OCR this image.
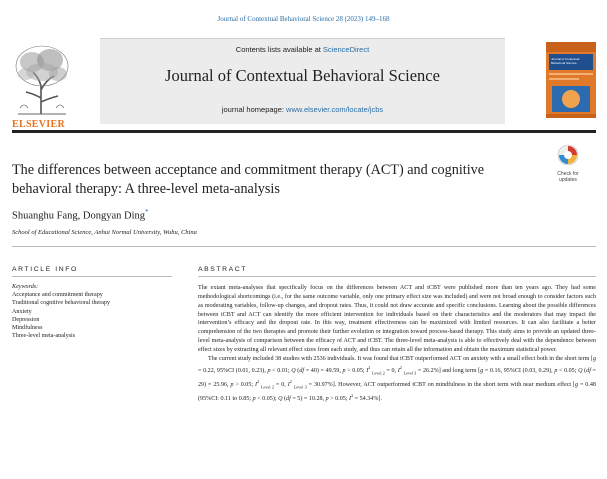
Journal of Contextual Behavioral Science 28 (2023) 149–168
ELSEVIER
Contents lists available at ScienceDirect
Journal of Contextual Behavioral Science
journal homepage: www.elsevier.com/locate/jcbs
Journal of Contextual Behavioral Science
The differences between acceptance and commitment therapy (ACT) and cognitive behavioral therapy: A three-level meta-analysis
Check for
updates
Shuanghu Fang, Dongyan Ding*
School of Educational Science, Anhui Normal University, Wuhu, China
ARTICLE INFO	ABSTRACT
Keywords:
Acceptance and commitment therapy
Traditional cognitive behavioral therapy
Anxiety
Depression
Mindfulness
Three-level meta-analysis

The extant meta-analyses that specifically focus on the differences between ACT and tCBT were published more than ten years ago. They had some methodological shortcomings (i.e., for the same outcome variable, only one primary effect size was included) and were not broad enough to consider factors such as moderating variables, follow-up changes, and dropout rates. Thus, it could not draw accurate and specific conclusions. Learning about the possible differences between tCBT and ACT can identify the more efficient intervention for individuals based on their characteristics and the moderators that may impact the intervention’s efficacy and the dropout rate. In this way, treatment effectiveness can be maximized with limited resources. It can also facilitate a better comprehension of the two therapies and promote their further evolution or integration toward process-based therapy. This study aims to provide an updated three-level meta-analysis of comparison between the efficacy of ACT and tCBT. The three-level meta-analysis is able to effectively deal with the dependence between effect sizes by extracting all relevant effect sizes from each study, and thus can retain all the information and obtain the maximum statistical power.

The current study included 38 studies with 2536 individuals. It was found that tCBT outperformed ACT on anxiety with a small effect both in the short term [g = 0.22, 95%CI (0.01, 0.23), p < 0.01; Q (df = 40) = 49.59, p > 0.05; $I^2$ $_{Level 2}$ = 0, $I^2$ $_{Level 3}$ = 26.2%] and long term [g = 0.16, 95%CI (0.03, 0.29), p < 0.05; Q (df = 29) = 25.96, p > 0.05; $I^2$ $_{Level 2}$ = 0, $I^2$ $_{Level 3}$ = 30.97%]. However, ACT outperformed tCBT on mindfulness in the short term with near medium effect [g = 0.48 (95%CI: 0.11 to 0.85; p < 0.05); Q (df = 5) = 10.28, p > 0.05; $I^2 = 54.34\%$].
